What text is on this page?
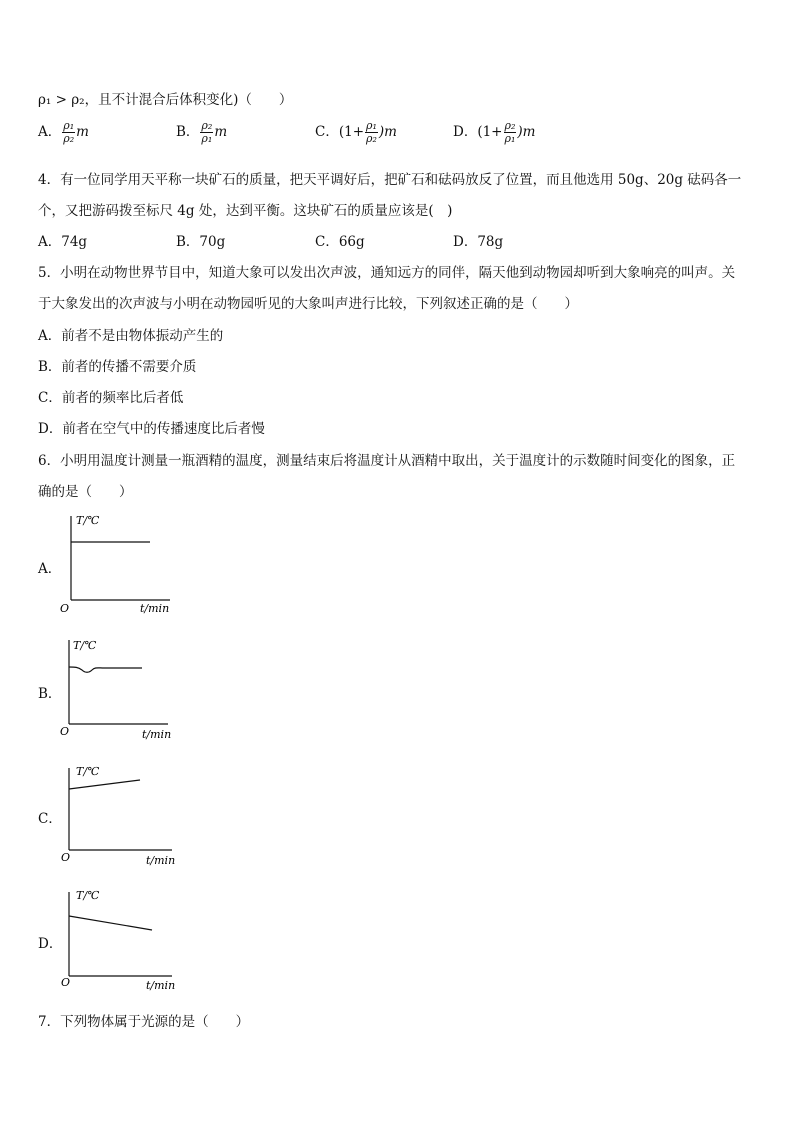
ρ₁ > ρ₂，且不计混合后体积变化)（　　）
A． $\frac{\text{ρ₁}}{\text{ρ₂}}$ m	B． $\frac{\text{ρ₂}}{\text{ρ₁}}$ m	C．$(1+ \frac{\text{ρ₁}}{\text{ρ₂}} )m$	D．$(1+ \frac{\text{ρ₂}}{\text{ρ₁}} )m$
4．有一位同学用天平称一块矿石的质量，把天平调好后，把矿石和砝码放反了位置，而且他选用 50g、20g 砝码各一
个，又把游码拨至标尺 4g 处，达到平衡。这块矿石的质量应该是(　)
A．74g	B．70g	C．66g	D．78g
5．小明在动物世界节目中，知道大象可以发出次声波，通知远方的同伴，隔天他到动物园却听到大象响亮的叫声。关
于大象发出的次声波与小明在动物园听见的大象叫声进行比较，下列叙述正确的是（　　）
A．前者不是由物体振动产生的
B．前者的传播不需要介质
C．前者的频率比后者低
D．前者在空气中的传播速度比后者慢
6．小明用温度计测量一瓶酒精的温度，测量结束后将温度计从酒精中取出，关于温度计的示数随时间变化的图象，正
确的是（　　）
A．
T/℃
t/min
O
B．
T/℃
t/min
O
C．
T/℃
t/min
O
D．
T/℃
t/min
O
7．下列物体属于光源的是（　　）
